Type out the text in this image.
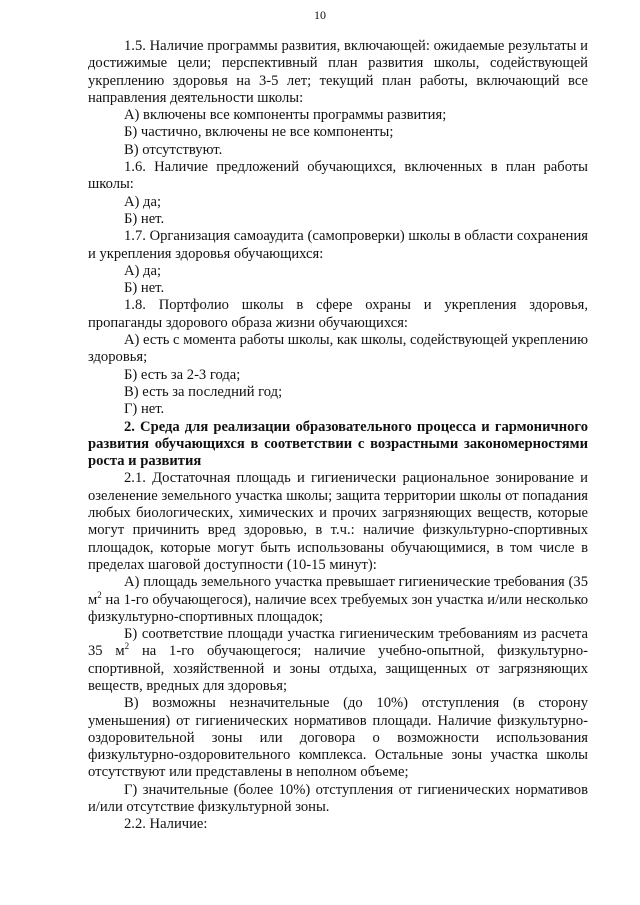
10

1.5. Наличие программы развития, включающей: ожидаемые результаты и достижимые цели; перспективный план развития школы, содействующей укреплению здоровья на 3-5 лет; текущий план работы, включающий все направления деятельности школы:

А) включены все компоненты программы развития;

Б) частично, включены не все компоненты;

В) отсутствуют.

1.6. Наличие предложений обучающихся, включенных в план работы школы:

А) да;

Б) нет.

1.7. Организация самоаудита (самопроверки) школы в области сохранения и укрепления здоровья обучающихся:

А) да;

Б) нет.

1.8. Портфолио школы в сфере охраны и укрепления здоровья, пропаганды здорового образа жизни обучающихся:

А) есть с момента работы школы, как школы, содействующей укреплению здоровья;

Б) есть за 2-3 года;

В) есть за последний год;

Г) нет.

2. Среда для реализации образовательного процесса и гармоничного развития обучающихся в соответствии с возрастными закономерностями роста и развития

2.1. Достаточная площадь и гигиенически рациональное зонирование и озеленение земельного участка школы; защита территории школы от попадания любых биологических, химических и прочих загрязняющих веществ, которые могут причинить вред здоровью, в т.ч.: наличие физкультурно-спортивных площадок, которые могут быть использованы обучающимися, в том числе в пределах шаговой доступности (10-15 минут):

А) площадь земельного участка превышает гигиенические требования (35 $м^2$ на 1-го обучающегося), наличие всех требуемых зон участка и/или несколько физкультурно-спортивных площадок;

Б) соответствие площади участка гигиеническим требованиям из расчета 35 $м^2$ на 1-го обучающегося; наличие учебно-опытной, физкультурно-спортивной, хозяйственной и зоны отдыха, защищенных от загрязняющих веществ, вредных для здоровья;

В) возможны незначительные (до 10%) отступления (в сторону уменьшения) от гигиенических нормативов площади. Наличие физкультурно-оздоровительной зоны или договора о возможности использования физкультурно-оздоровительного комплекса. Остальные зоны участка школы отсутствуют или представлены в неполном объеме;

Г) значительные (более 10%) отступления от гигиенических нормативов и/или отсутствие физкультурной зоны.

2.2. Наличие:
